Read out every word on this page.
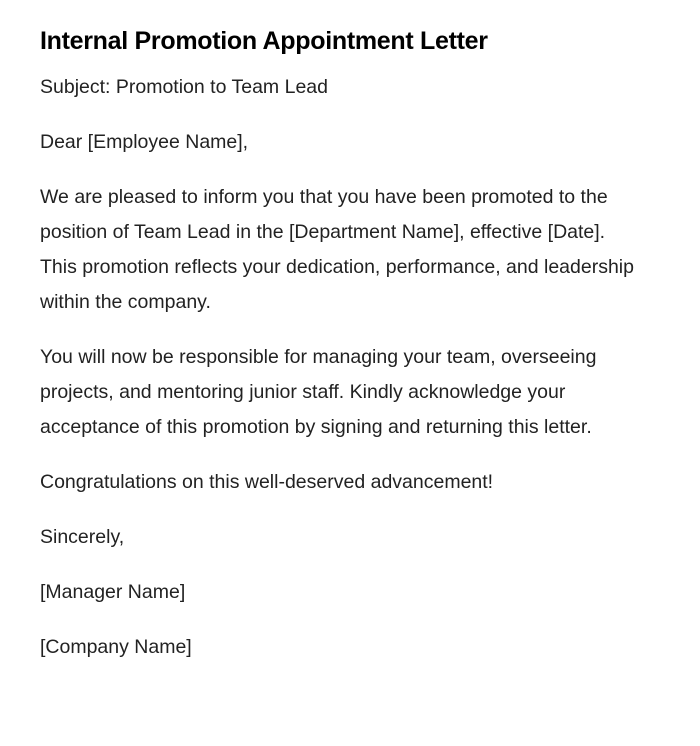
Internal Promotion Appointment Letter

Subject: Promotion to Team Lead

Dear [Employee Name],

We are pleased to inform you that you have been promoted to the position of Team Lead in the [Department Name], effective [Date]. This promotion reflects your dedication, performance, and leadership within the company.

You will now be responsible for managing your team, overseeing projects, and mentoring junior staff. Kindly acknowledge your acceptance of this promotion by signing and returning this letter.

Congratulations on this well-deserved advancement!

Sincerely,

[Manager Name]

[Company Name]
